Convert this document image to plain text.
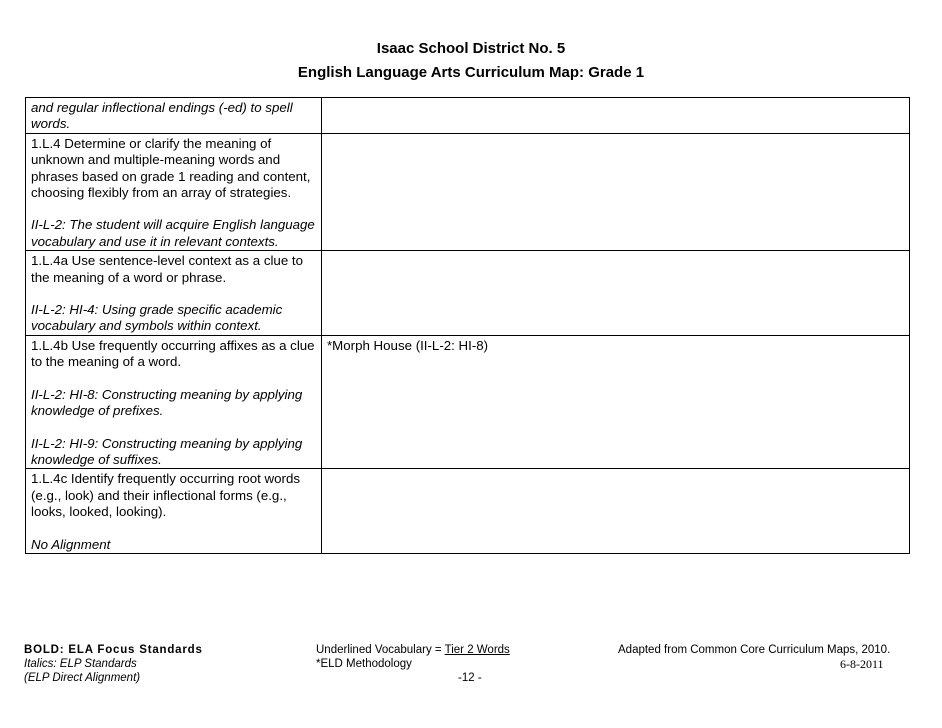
Isaac School District No. 5
English Language Arts Curriculum Map: Grade 1
and regular inflectional endings (-ed) to spell words.	

1.L.4 Determine or clarify the meaning of unknown and multiple-meaning words and phrases based on grade 1 reading and content, choosing flexibly from an array of strategies.
II-L-2: The student will acquire English language vocabulary and use it in relevant contexts.	

1.L.4a Use sentence-level context as a clue to the meaning of a word or phrase.
II-L-2: HI-4: Using grade specific academic vocabulary and symbols within context.	

1.L.4b Use frequently occurring affixes as a clue to the meaning of a word.
II-L-2: HI-8: Constructing meaning by applying knowledge of prefixes.
II-L-2: HI-9: Constructing meaning by applying knowledge of suffixes.	*Morph House (II-L-2: HI-8)

1.L.4c Identify frequently occurring root words (e.g., look) and their inflectional forms (e.g., looks, looked, looking).
No Alignment	

BOLD: ELA Focus Standards
Italics: ELP Standards
(ELP Direct Alignment)
Underlined Vocabulary = Tier 2 Words
*ELD Methodology
-12 -
Adapted from Common Core Curriculum Maps, 2010.
6-8-2011
